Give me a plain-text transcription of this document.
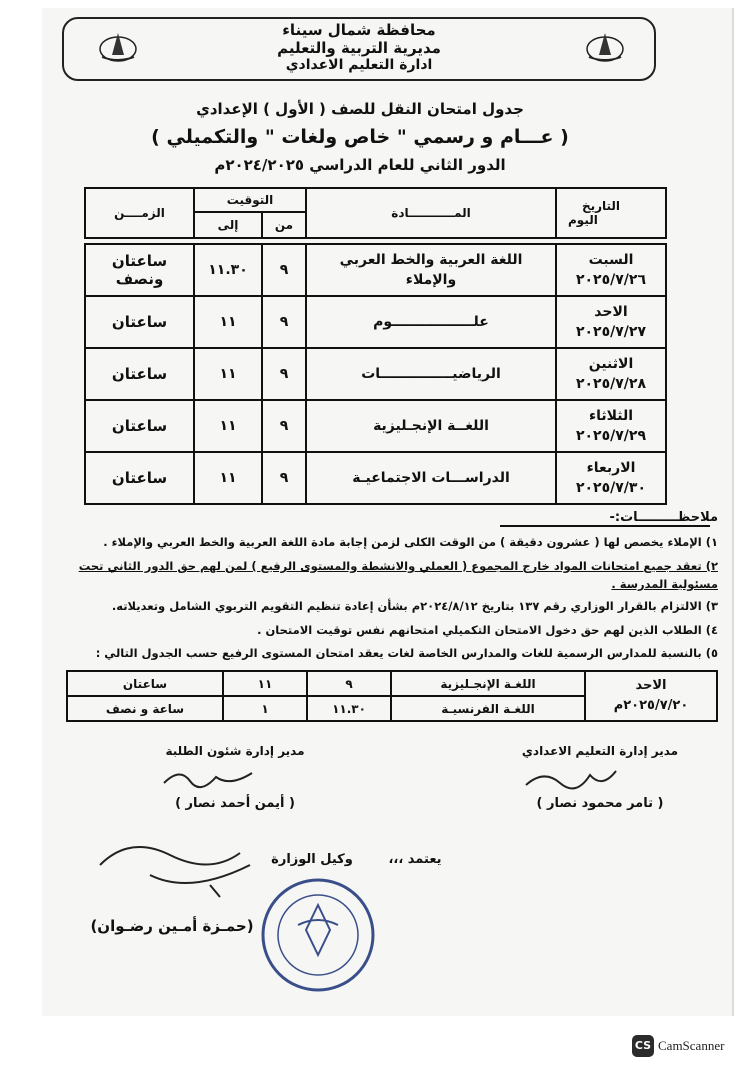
محافظة شمال سيناء
مديرية التربية والتعليم
ادارة التعليم الاعدادي
جدول امتحان النقل للصف ( الأول ) الإعدادي
( عـــام و رسمي " خاص ولغات " والتكميلي )
الدور الثاني للعام الدراسي ٢٠٢٤/٢٠٢٥م
التاريخ
اليوم	المـــــــــــادة	التوقيت		الزمــــن
		من	إلى	

السبت
٢٠٢٥/٧/٢٦	اللغة العربية والخط العربي والإملاء	٩	١١.٣٠	ساعتان ونصف

الاحد
٢٠٢٥/٧/٢٧	علـــــــــــــــــوم	٩	١١	ساعتان

الاثنين
٢٠٢٥/٧/٢٨	الرياضيـــــــــــــــات	٩	١١	ساعتان

الثلاثاء
٢٠٢٥/٧/٢٩	اللغــة الإنجـليزية	٩	١١	ساعتان

الاربعاء
٢٠٢٥/٧/٣٠	الدراســـات الاجتماعيـة	٩	١١	ساعتان
ملاحظـــــــــات:-
١) الإملاء يخصص لها ( عشرون دقيقة ) من الوقت الكلى لزمن إجابة مادة اللغة العربية والخط العربي والإملاء .
٢) تعقد جميع امتحانات المواد خارج المجموع ( العملي والانشطة والمستوى الرفيع ) لمن لهم حق الدور الثاني تحت مسئولية المدرسة .
٣) الالتزام بالقرار الوزاري رقم ١٣٧ بتاريخ ٢٠٢٤/٨/١٢م بشأن إعادة تنظيم التقويم التربوي الشامل وتعديلاته.
٤) الطلاب الذين لهم حق دخول الامتحان التكميلي امتحانهم نفس توقيت الامتحان .
٥) بالنسبة للمدارس الرسمية للغات والمدارس الخاصة لغات يعقد امتحان المستوى الرفيع حسب الجدول التالي :
الاحد
٢٠٢٥/٧/٢٠م	اللغـة الإنجـليزية	٩	١١	ساعتان
	اللغـة الفرنسيـة	١١.٣٠	١	ساعة و نصف
مدير إدارة شئون الطلبة
( أيمن أحمد نصار )
مدير إدارة التعليم الاعدادي
( تامر محمود نصار )
يعتمد ،،،
وكيل الوزارة
(حمـزة أمـين رضـوان)
CS CamScanner
